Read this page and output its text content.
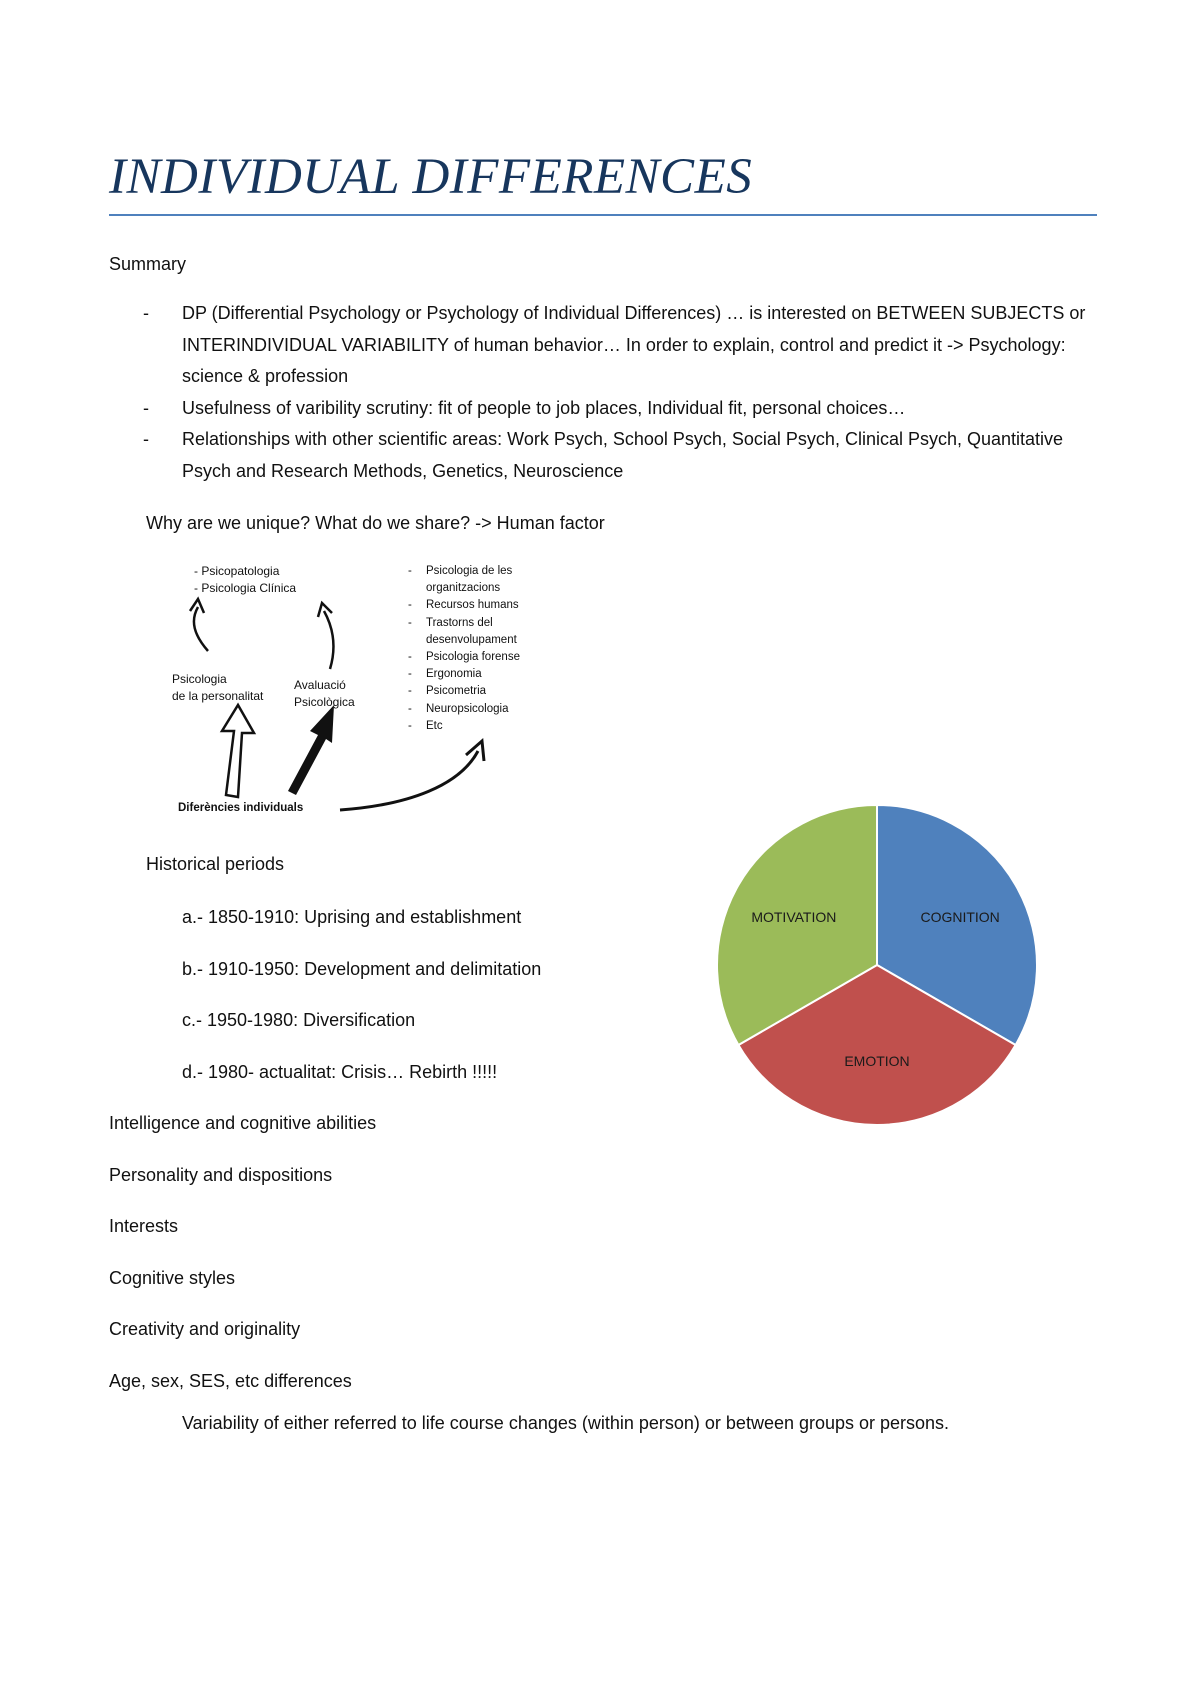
INDIVIDUAL DIFFERENCES
Summary
- DP (Differential Psychology or Psychology of Individual Differences) … is interested on BETWEEN SUBJECTS or INTERINDIVIDUAL VARIABILITY of human behavior… In order to explain, control and predict it -> Psychology: science & profession
- Usefulness of varibility scrutiny: fit of people to job places, Individual fit, personal choices…
- Relationships with other scientific areas: Work Psych, School Psych, Social Psych, Clinical Psych, Quantitative Psych and Research Methods, Genetics, Neuroscience
Why are we unique? What do we share? -> Human factor
- Psicopatologia
- Psicologia Clínica
Psicologia
de la personalitat
Avaluació
Psicològica
Diferències individuals
- Psicologia de les organitzacions
- Recursos humans
- Trastorns del desenvolupament
- Psicologia forense
- Ergonomia
- Psicometria
- Neuropsicologia
- Etc
Historical periods
a.- 1850-1910: Uprising and establishment
b.- 1910-1950: Development and delimitation
c.- 1950-1980: Diversification
d.- 1980- actualitat: Crisis… Rebirth !!!!!
Intelligence and cognitive abilities
Personality and dispositions
Interests
Cognitive styles
Creativity and originality
Age, sex, SES, etc differences
Variability of either referred to life course changes (within person) or between groups or persons.
COGNITION
EMOTION
MOTIVATION
